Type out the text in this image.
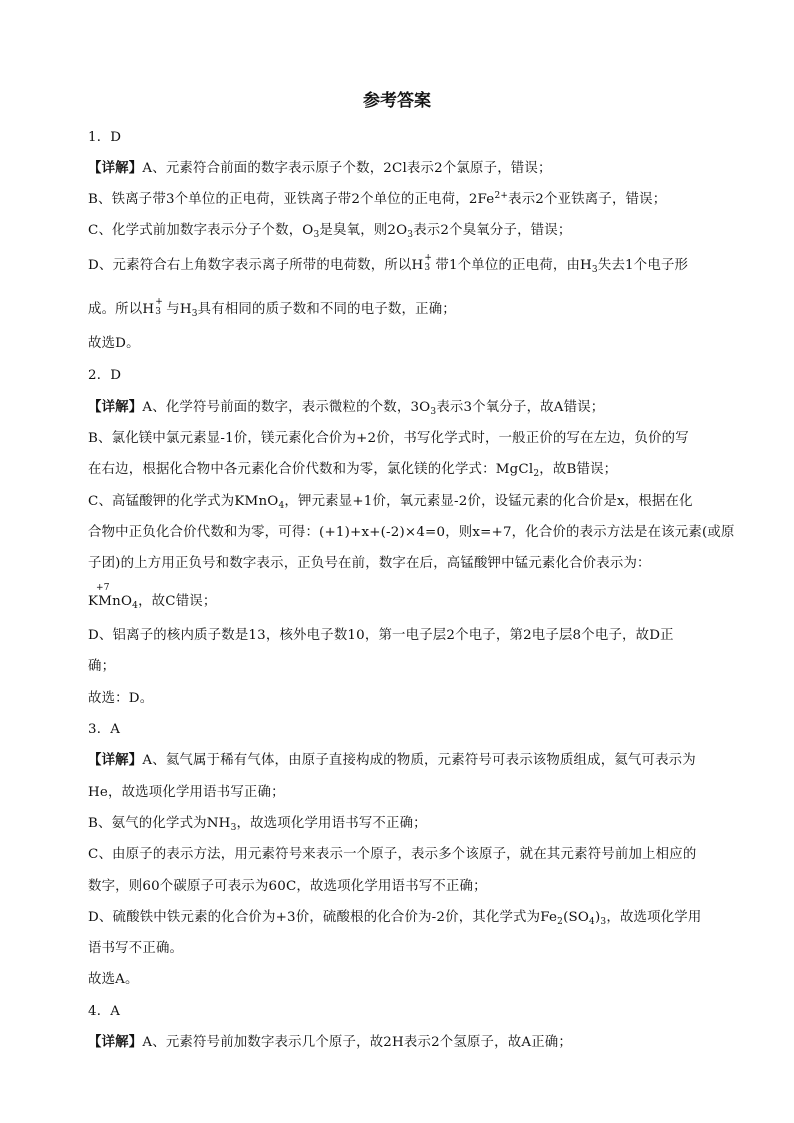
参考答案
1．D
【详解】A、元素符合前面的数字表示原子个数，2Cl表示2个氯原子，错误；
B、铁离子带3个单位的正电荷，亚铁离子带2个单位的正电荷，$2Fe^{2+}$表示2个亚铁离子，错误；
C、化学式前加数字表示分子个数，$O_3$是臭氧，则$2O_3$表示2个臭氧分子，错误；
D、元素符合右上角数字表示离子所带的电荷数，所以H +
3 带1个单位的正电荷，由$H_3$失去1个电子形
成。所以H +
3 与$H_3$具有相同的质子数和不同的电子数，正确；
故选D。
2．D
【详解】A、化学符号前面的数字，表示微粒的个数，$3O_3$表示3个氧分子，故A错误；
B、氯化镁中氯元素显-1价，镁元素化合价为+2价，书写化学式时，一般正价的写在左边，负价的写
在右边，根据化合物中各元素化合价代数和为零，氯化镁的化学式：MgCl$_2$，故B错误；
C、高锰酸钾的化学式为KMnO$_4$，钾元素显+1价，氧元素显-2价，设锰元素的化合价是x，根据在化
合物中正负化合价代数和为零，可得：(+1)+x+(-2)×4=0，则x=+7，化合价的表示方法是在该元素(或原
子团)的上方用正负号和数字表示，正负号在前，数字在后，高锰酸钾中锰元素化合价表示为：
+7
KMnO$_4$，故C错误；
D、铝离子的核内质子数是13，核外电子数10，第一电子层2个电子，第2电子层8个电子，故D正
确；
故选：D。
3．A
【详解】A、氦气属于稀有气体，由原子直接构成的物质，元素符号可表示该物质组成，氦气可表示为
He，故选项化学用语书写正确；
B、氨气的化学式为$NH_3$，故选项化学用语书写不正确；
C、由原子的表示方法，用元素符号来表示一个原子，表示多个该原子，就在其元素符号前加上相应的
数字，则60个碳原子可表示为60C，故选项化学用语书写不正确；
D、硫酸铁中铁元素的化合价为+3价，硫酸根的化合价为-2价，其化学式为$Fe_2(SO_4)_3$，故选项化学用
语书写不正确。
故选A。
4．A
【详解】A、元素符号前加数字表示几个原子，故2H表示2个氢原子，故A正确；
